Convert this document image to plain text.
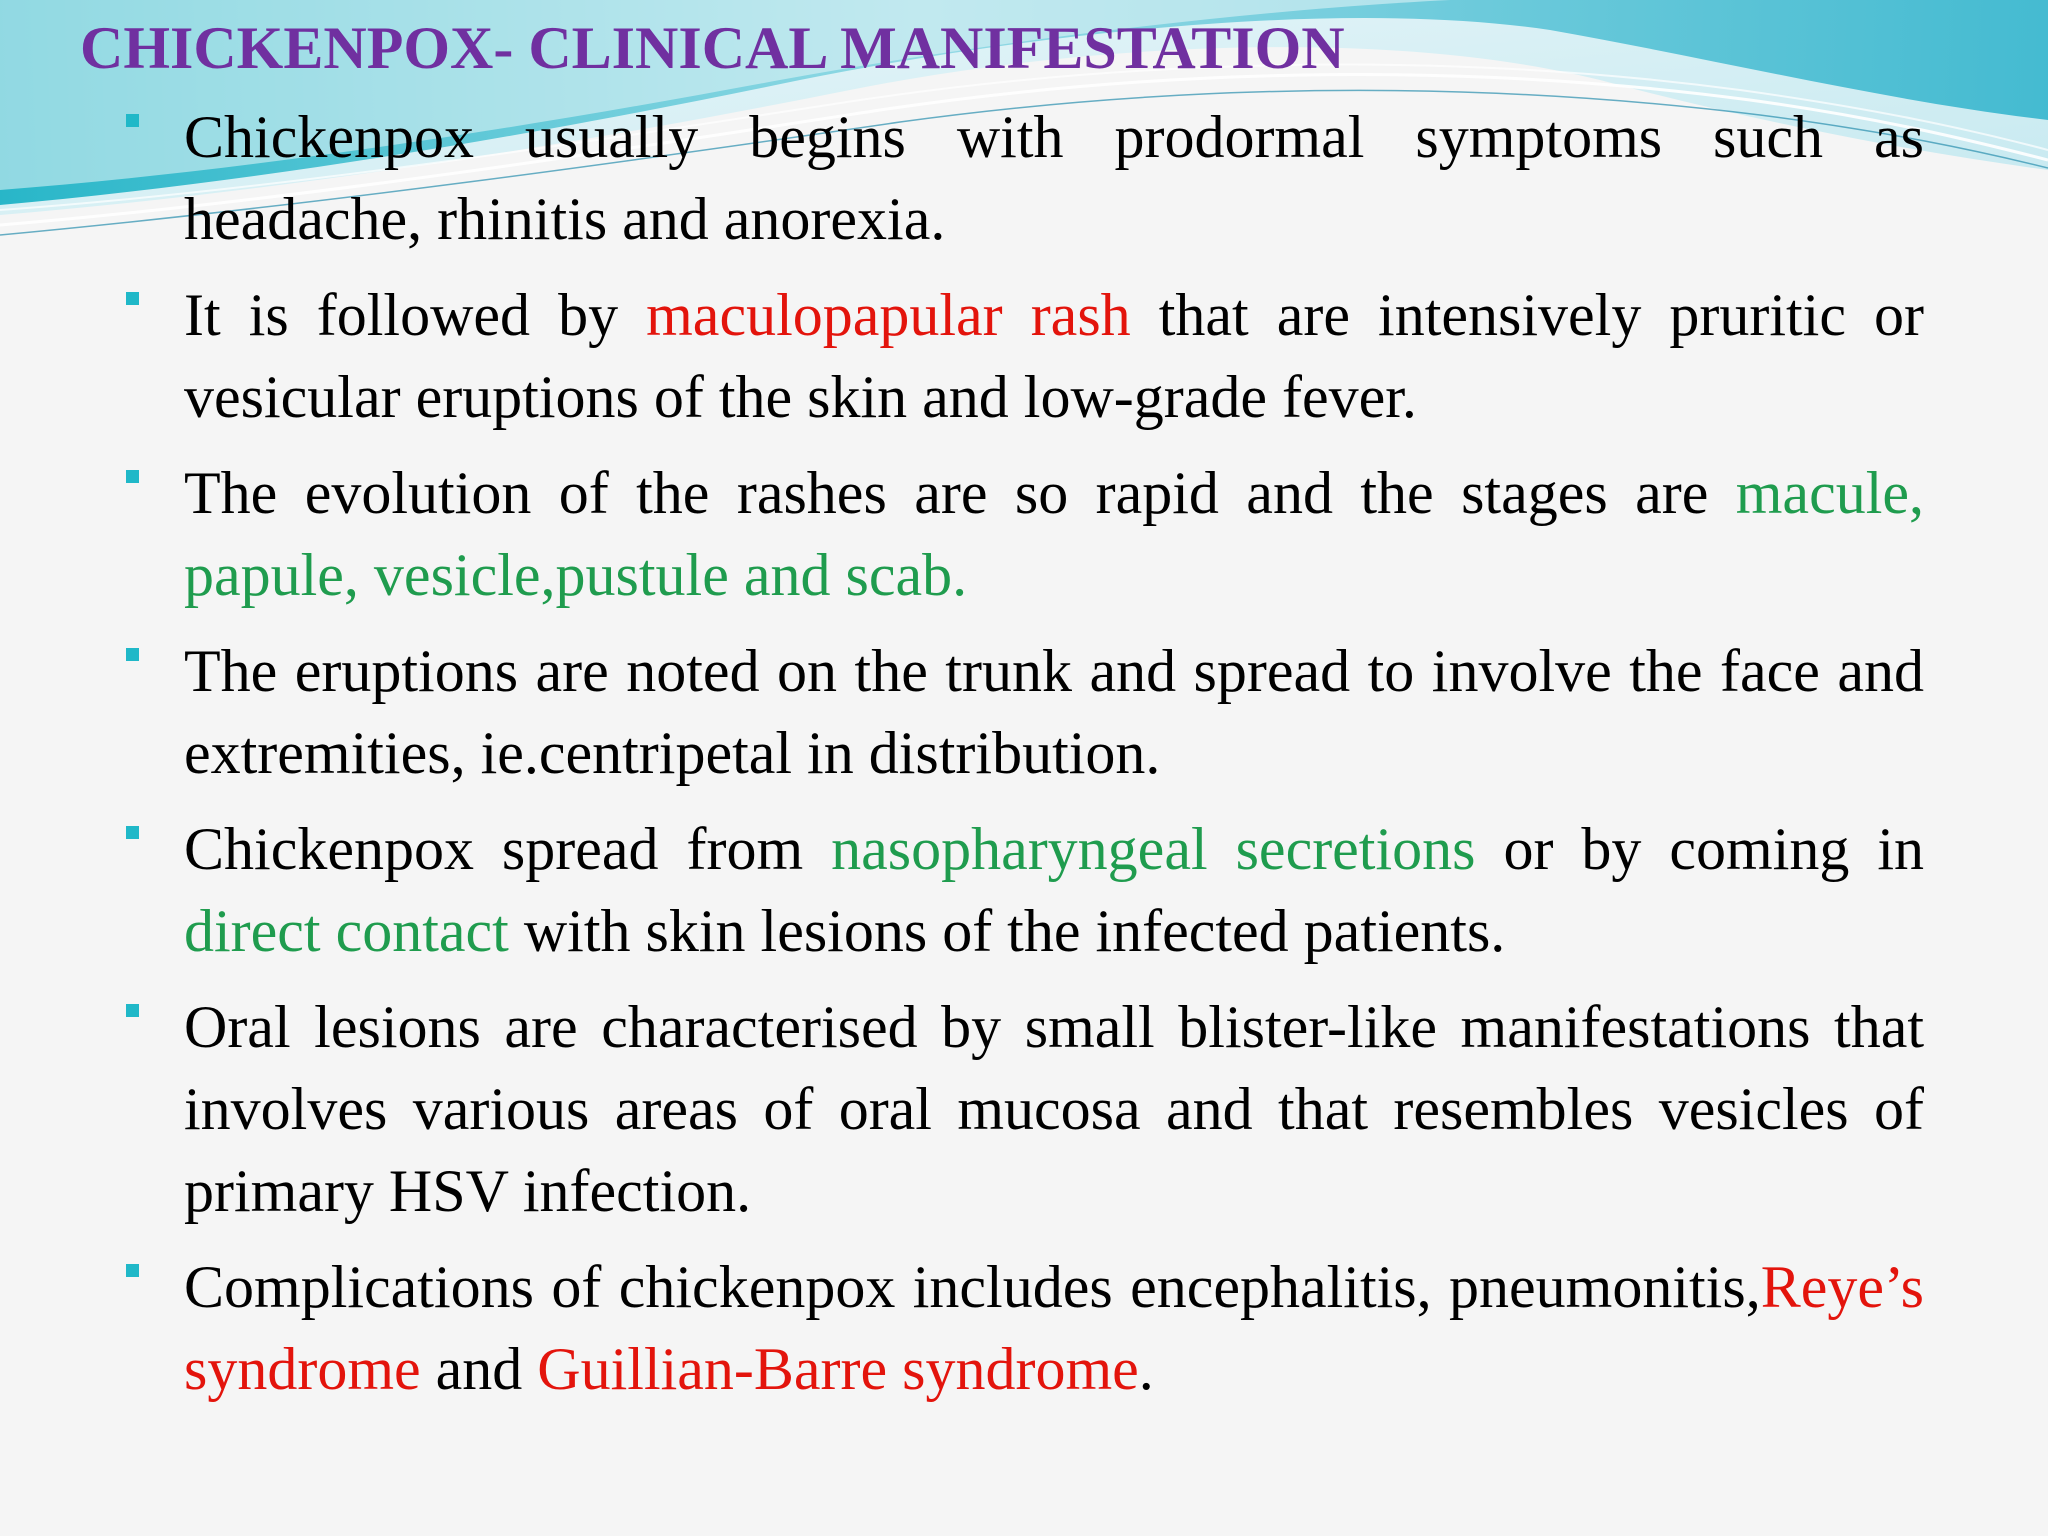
CHICKENPOX- CLINICAL MANIFESTATION
Chickenpox usually begins with prodormal symptoms such as headache, rhinitis and anorexia.
It is followed by maculopapular rash that are intensively pruritic or vesicular eruptions of the skin and low-grade fever.
The evolution of the rashes are so rapid and the stages are macule, papule, vesicle,pustule and scab.
The eruptions are noted on the trunk and spread to involve the face and extremities, ie.centripetal in distribution.
Chickenpox spread from nasopharyngeal secretions or by coming in direct contact with skin lesions of the infected patients.
Oral lesions are characterised by small blister-like manifestations that involves various areas of oral mucosa and that resembles vesicles of primary HSV infection.
Complications of chickenpox includes encephalitis, pneumonitis,Reye’s syndrome and Guillian-Barre syndrome.
